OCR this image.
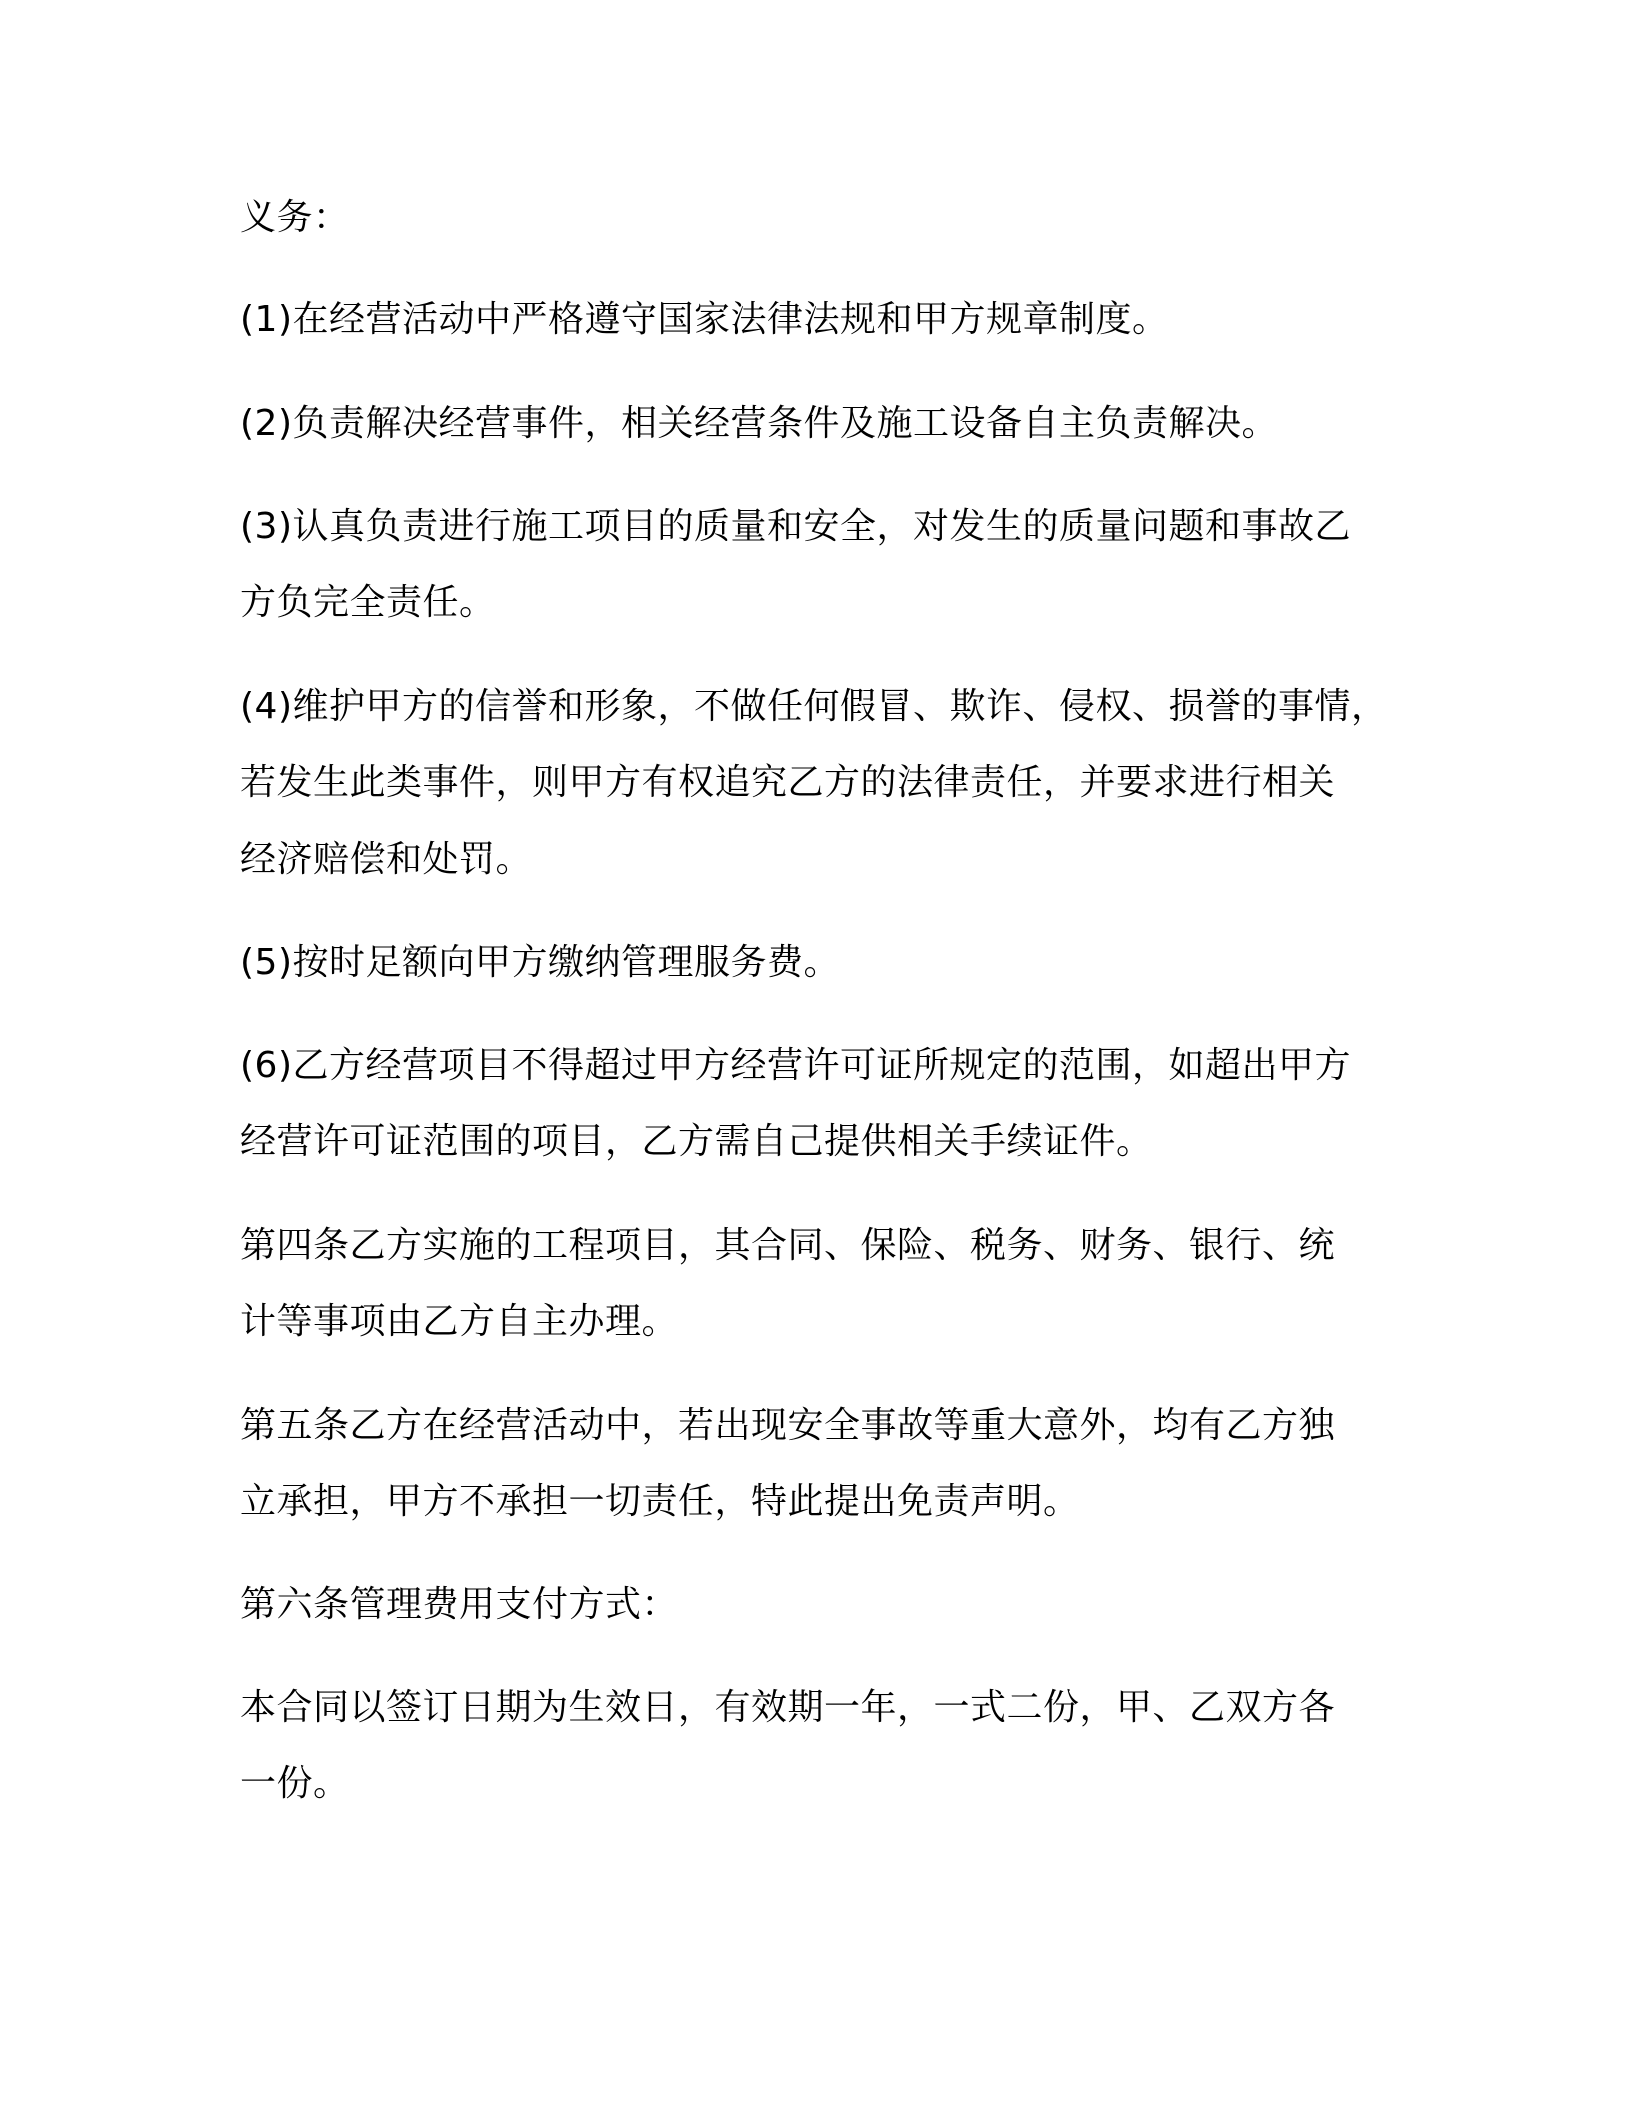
义务：

(1)在经营活动中严格遵守国家法律法规和甲方规章制度。

(2)负责解决经营事件，相关经营条件及施工设备自主负责解决。

(3)认真负责进行施工项目的质量和安全，对发生的质量问题和事故乙

方负完全责任。

(4)维护甲方的信誉和形象，不做任何假冒、欺诈、侵权、损誉的事情，

若发生此类事件，则甲方有权追究乙方的法律责任，并要求进行相关

经济赔偿和处罚。

(5)按时足额向甲方缴纳管理服务费。

(6)乙方经营项目不得超过甲方经营许可证所规定的范围，如超出甲方

经营许可证范围的项目，乙方需自己提供相关手续证件。

第四条乙方实施的工程项目，其合同、保险、税务、财务、银行、统

计等事项由乙方自主办理。

第五条乙方在经营活动中，若出现安全事故等重大意外，均有乙方独

立承担，甲方不承担一切责任，特此提出免责声明。

第六条管理费用支付方式：

本合同以签订日期为生效日，有效期一年，一式二份，甲、乙双方各

一份。
